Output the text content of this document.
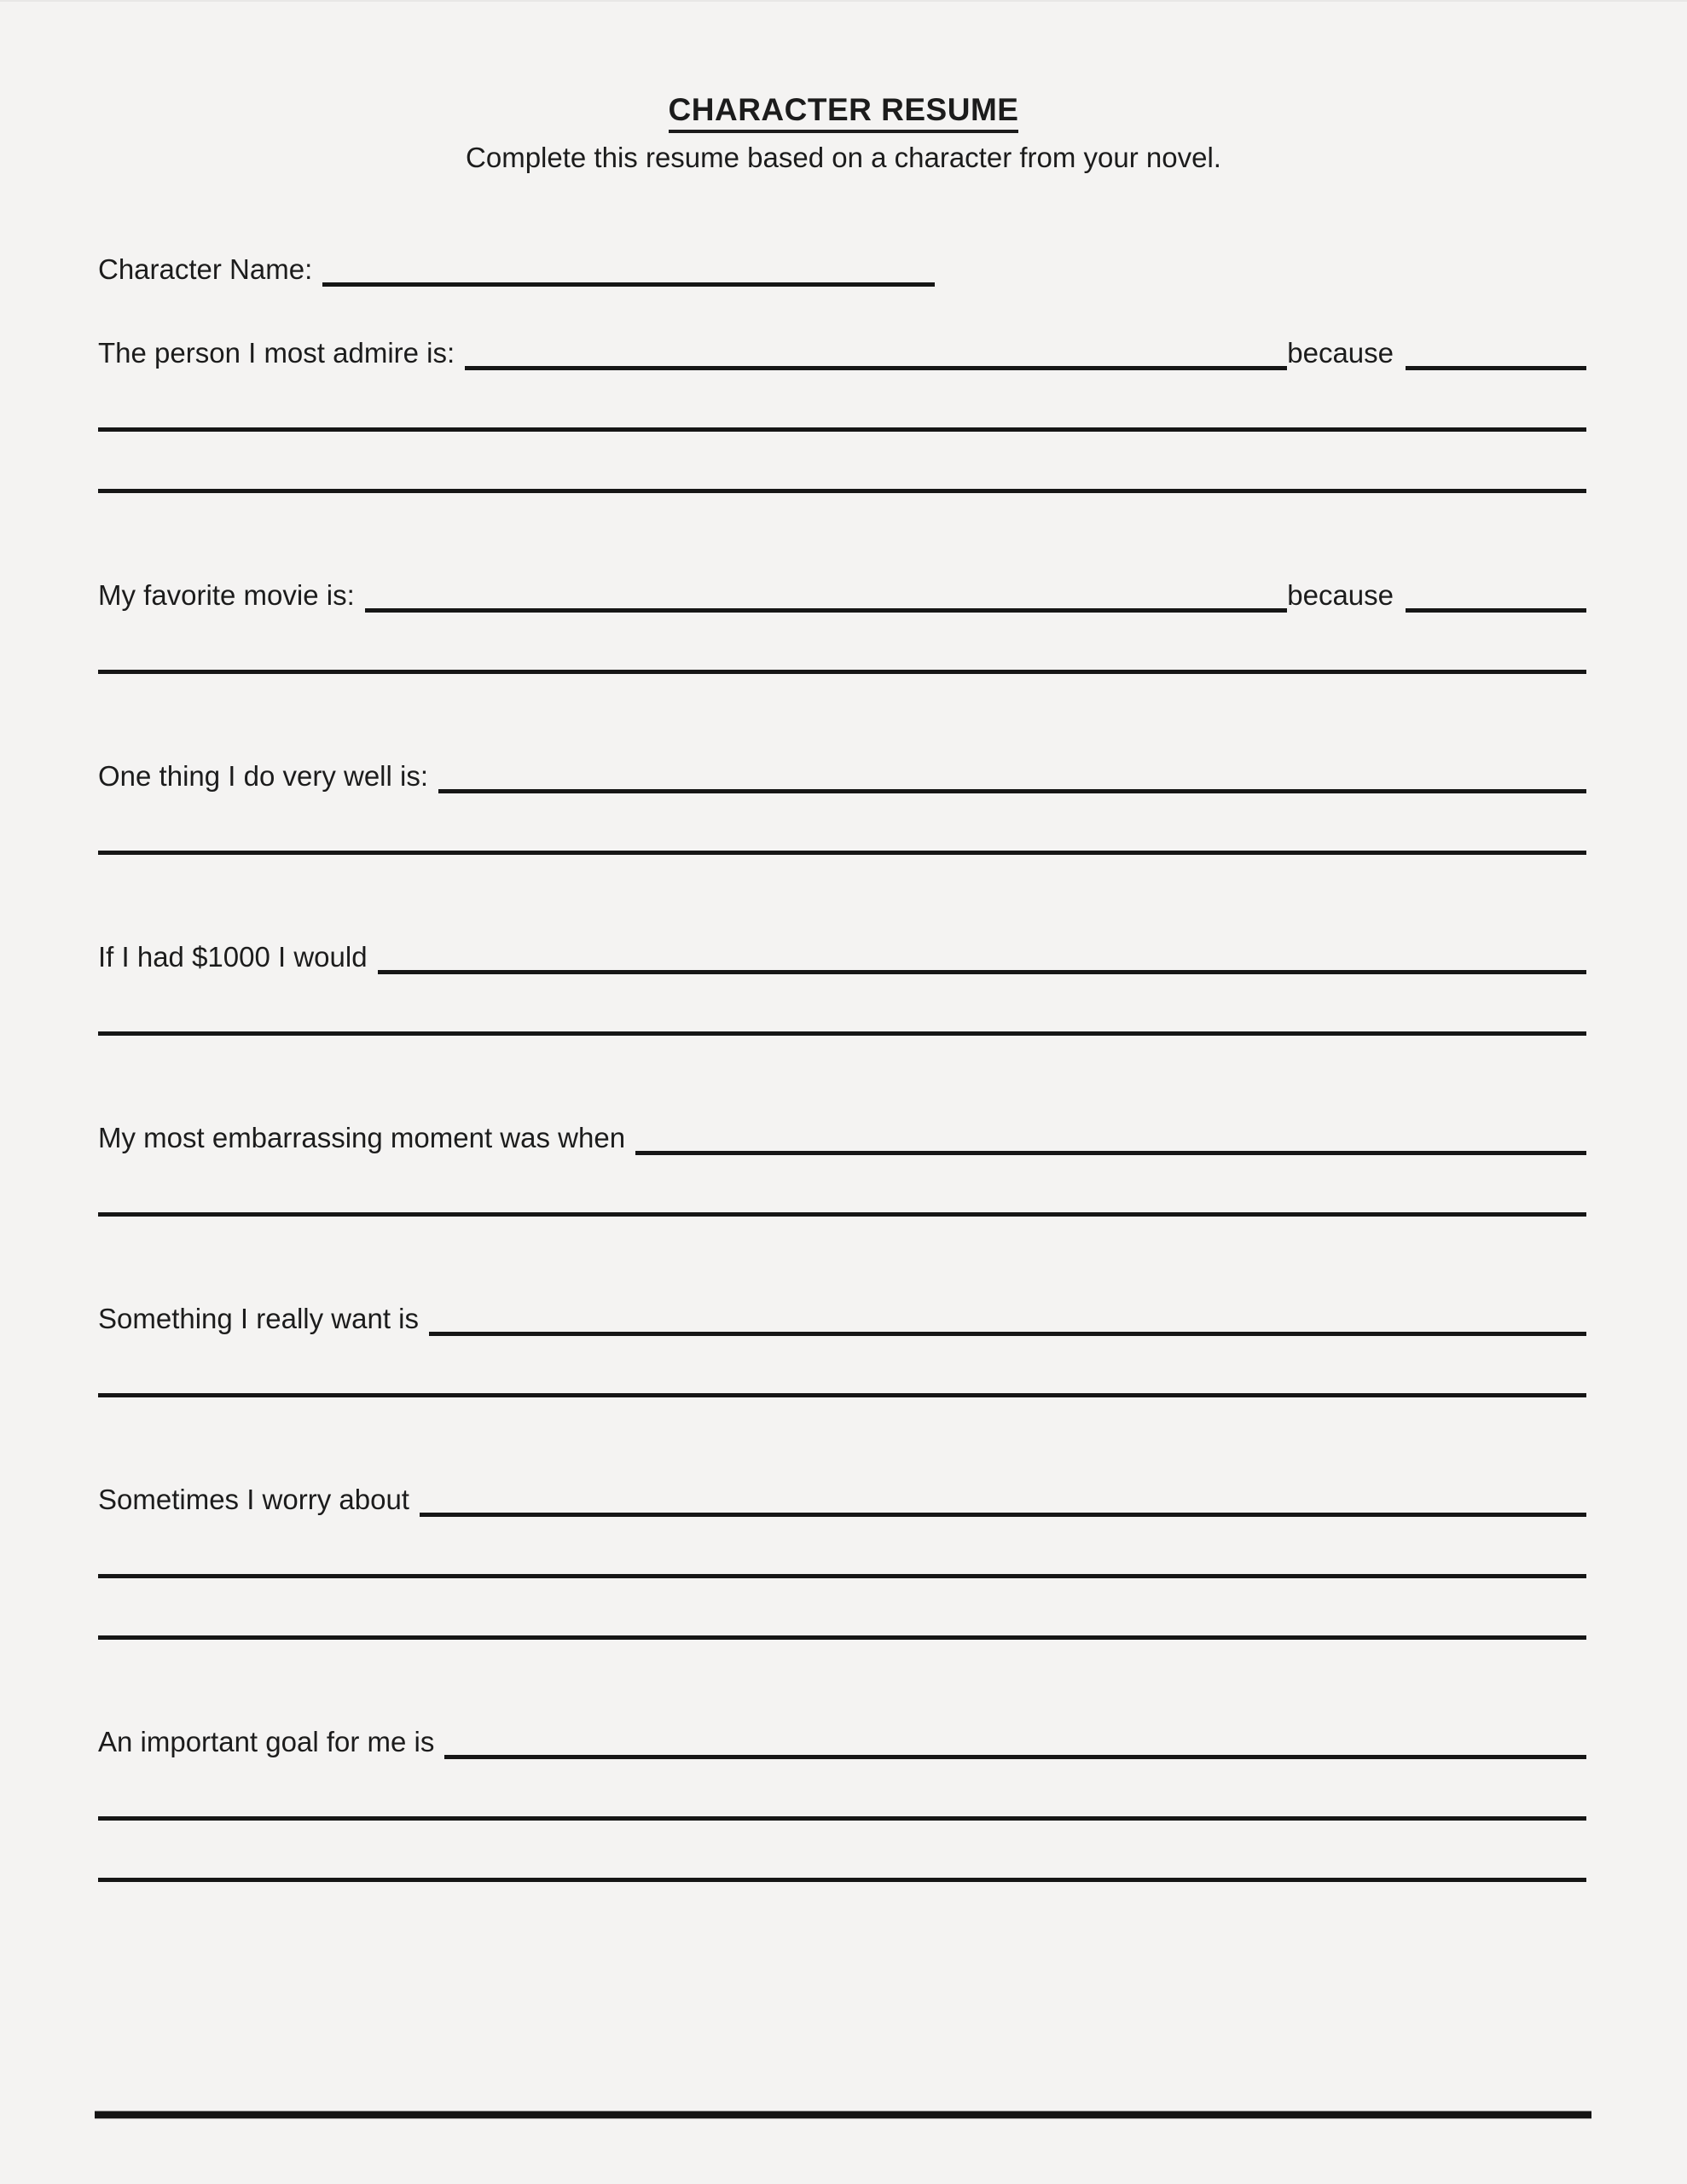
CHARACTER RESUME

Complete this resume based on a character from your novel.

Character Name:
The person I most admire is:	because
My favorite movie is:	because
One thing I do very well is:
If I had $1000 I would
My most embarrassing moment was when
Something I really want is
Sometimes I worry about
An important goal for me is
